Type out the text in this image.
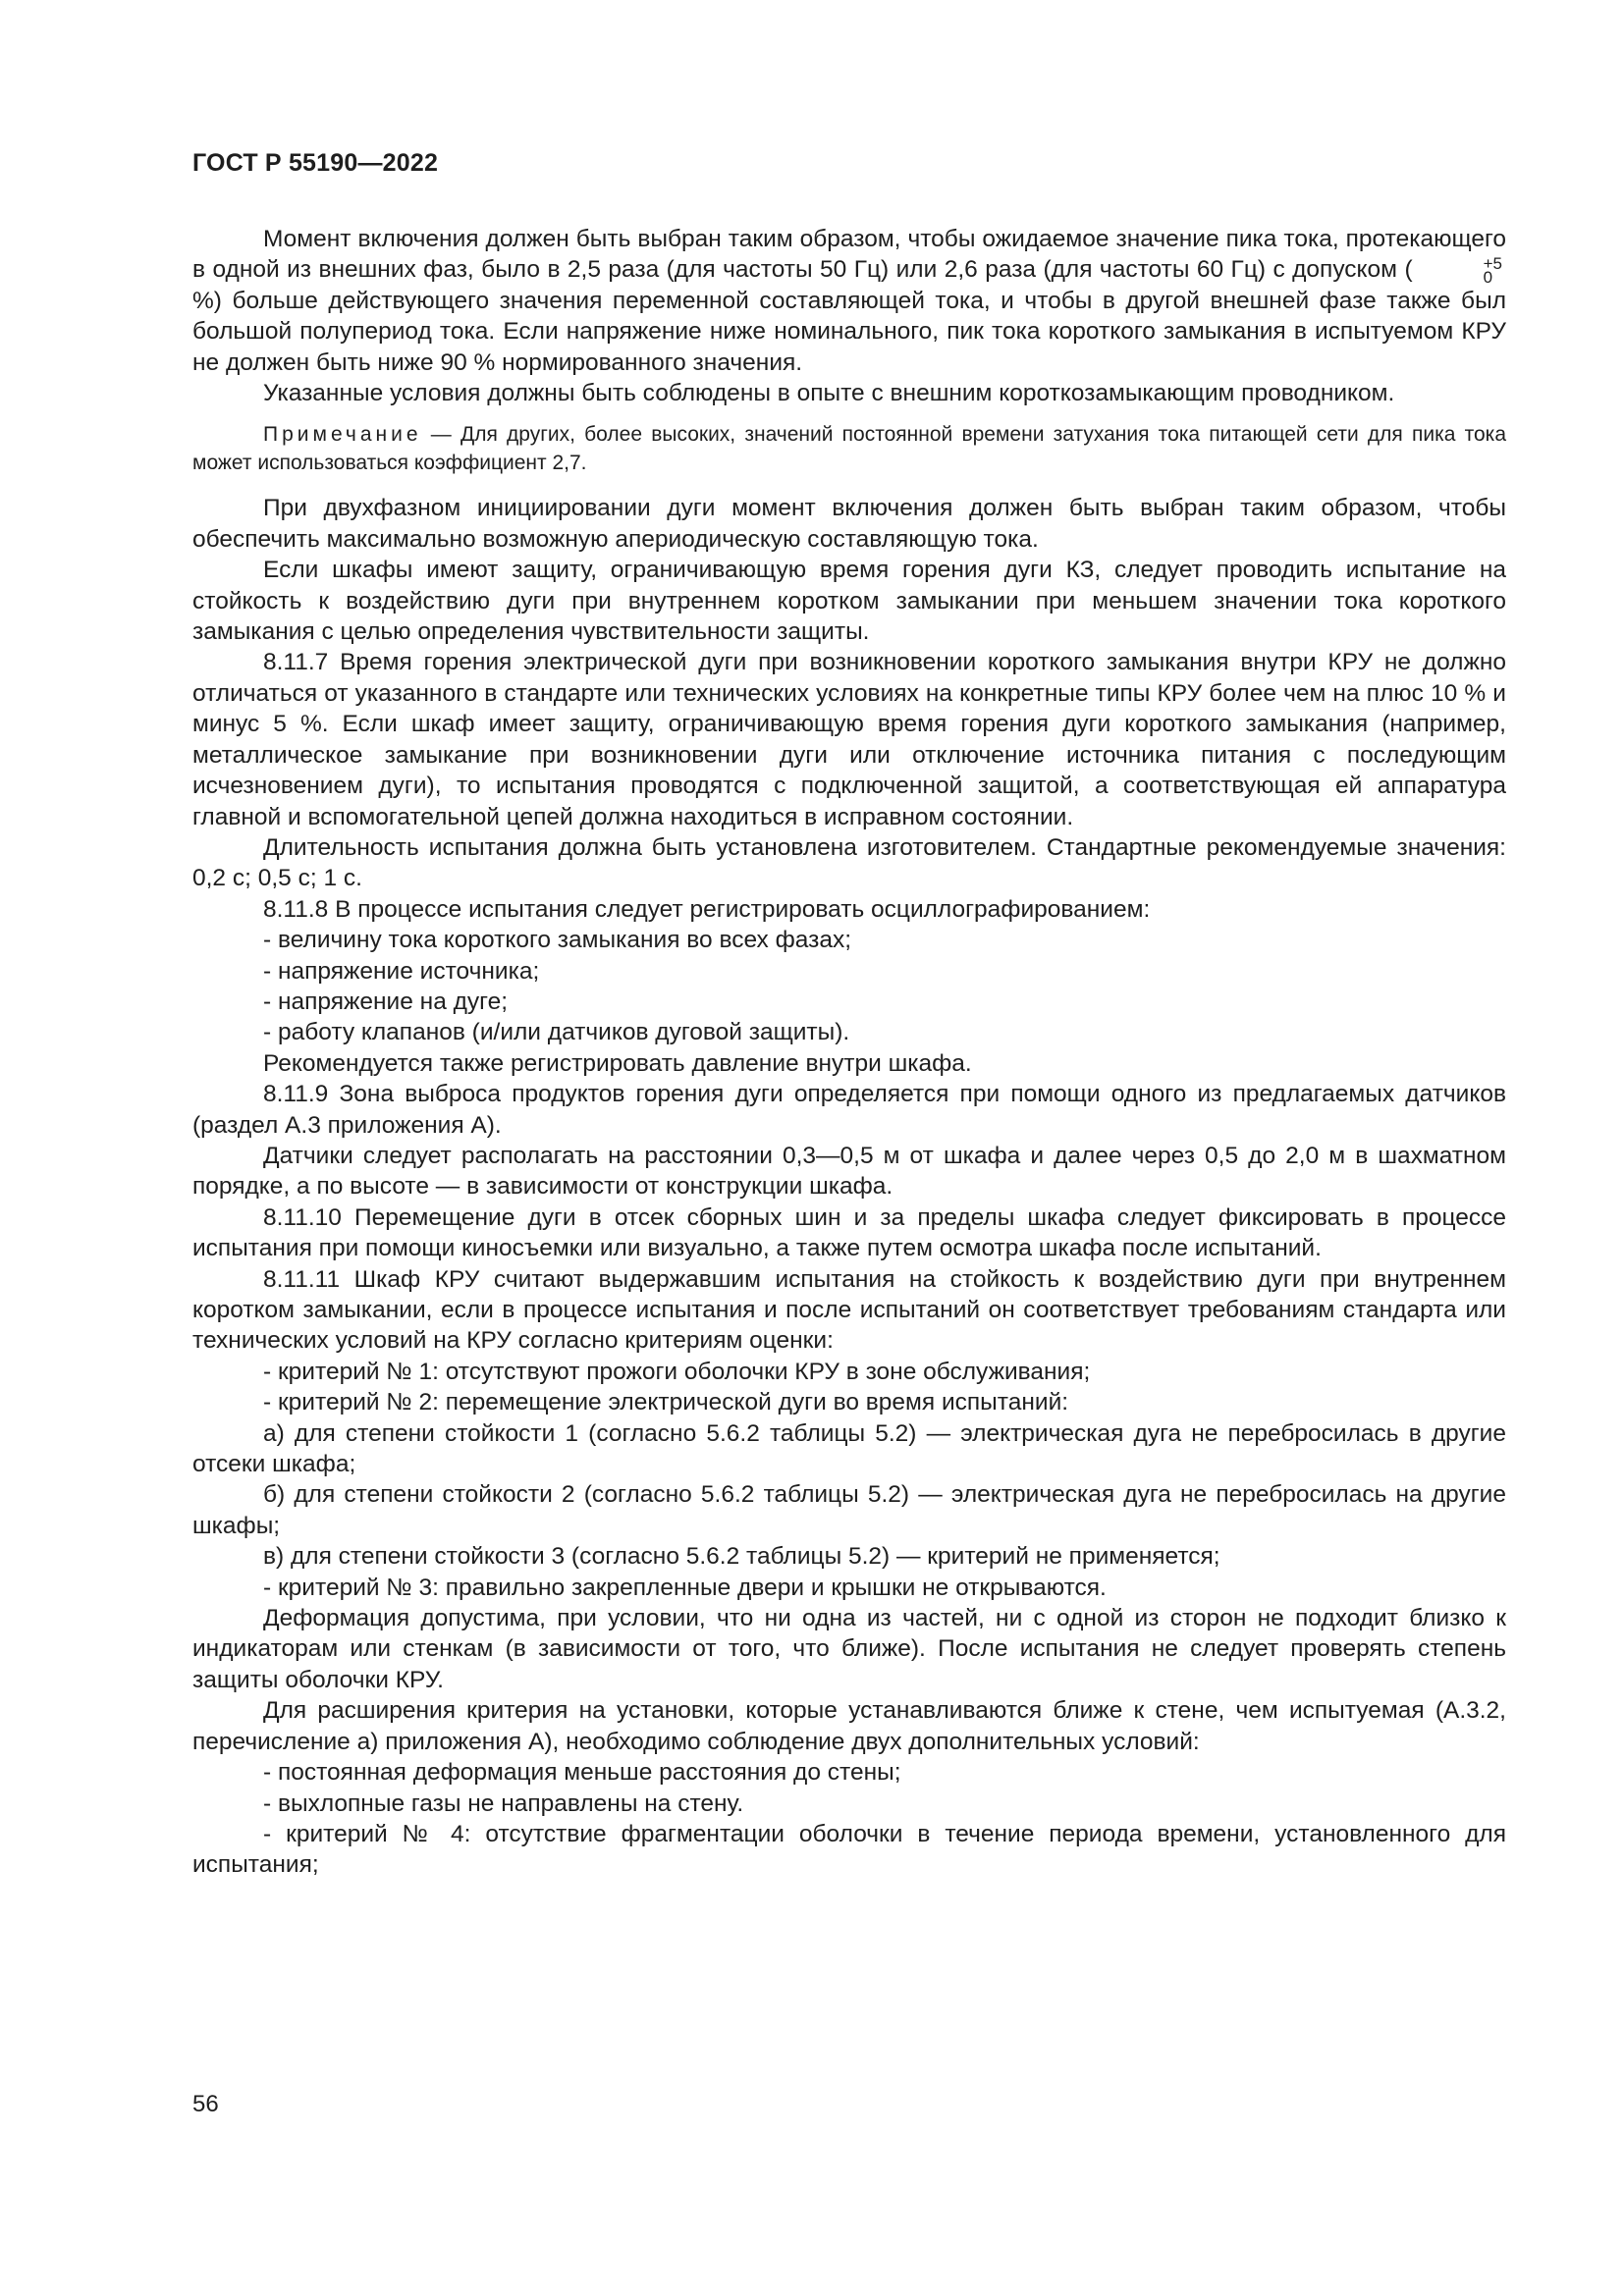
ГОСТ Р 55190—2022

Момент включения должен быть выбран таким образом, чтобы ожидаемое значение пика тока, протекающего в одной из внешних фаз, было в 2,5 раза (для частоты 50 Гц) или 2,6 раза (для частоты 60 Гц) с допуском (	+5
0
%) больше действующего значения переменной составляющей тока, и чтобы в другой внешней фазе также был большой полупериод тока. Если напряжение ниже номинального, пик тока короткого замыкания в испытуемом КРУ не должен быть ниже 90 % нормированного значения.

Указанные условия должны быть соблюдены в опыте с внешним короткозамыкающим проводником.

Примечание — Для других, более высоких, значений постоянной времени затухания тока питающей сети для пика тока может использоваться коэффициент 2,7.

При двухфазном инициировании дуги момент включения должен быть выбран таким образом, чтобы обеспечить максимально возможную апериодическую составляющую тока.

Если шкафы имеют защиту, ограничивающую время горения дуги КЗ, следует проводить испытание на стойкость к воздействию дуги при внутреннем коротком замыкании при меньшем значении тока короткого замыкания с целью определения чувствительности защиты.

8.11.7 Время горения электрической дуги при возникновении короткого замыкания внутри КРУ не должно отличаться от указанного в стандарте или технических условиях на конкретные типы КРУ более чем на плюс 10 % и минус 5 %. Если шкаф имеет защиту, ограничивающую время горения дуги короткого замыкания (например, металлическое замыкание при возникновении дуги или отключение источника питания с последующим исчезновением дуги), то испытания проводятся с подключенной защитой, а соответствующая ей аппаратура главной и вспомогательной цепей должна находиться в исправном состоянии.

Длительность испытания должна быть установлена изготовителем. Стандартные рекомендуемые значения: 0,2 с; 0,5 с; 1 с.

8.11.8 В процессе испытания следует регистрировать осциллографированием:

- величину тока короткого замыкания во всех фазах;

- напряжение источника;

- напряжение на дуге;

- работу клапанов (и/или датчиков дуговой защиты).

Рекомендуется также регистрировать давление внутри шкафа.

8.11.9 Зона выброса продуктов горения дуги определяется при помощи одного из предлагаемых датчиков (раздел А.3 приложения А).

Датчики следует располагать на расстоянии 0,3—0,5 м от шкафа и далее через 0,5 до 2,0 м в шахматном порядке, а по высоте — в зависимости от конструкции шкафа.

8.11.10 Перемещение дуги в отсек сборных шин и за пределы шкафа следует фиксировать в процессе испытания при помощи киносъемки или визуально, а также путем осмотра шкафа после испытаний.

8.11.11 Шкаф КРУ считают выдержавшим испытания на стойкость к воздействию дуги при внутреннем коротком замыкании, если в процессе испытания и после испытаний он соответствует требованиям стандарта или технических условий на КРУ согласно критериям оценки:

- критерий № 1: отсутствуют прожоги оболочки КРУ в зоне обслуживания;

- критерий № 2: перемещение электрической дуги во время испытаний:

а) для степени стойкости 1 (согласно 5.6.2 таблицы 5.2) — электрическая дуга не перебросилась в другие отсеки шкафа;

б) для степени стойкости 2 (согласно 5.6.2 таблицы 5.2) — электрическая дуга не перебросилась на другие шкафы;

в) для степени стойкости 3 (согласно 5.6.2 таблицы 5.2) — критерий не применяется;

- критерий № 3: правильно закрепленные двери и крышки не открываются.

Деформация допустима, при условии, что ни одна из частей, ни с одной из сторон не подходит близко к индикаторам или стенкам (в зависимости от того, что ближе). После испытания не следует проверять степень защиты оболочки КРУ.

Для расширения критерия на установки, которые устанавливаются ближе к стене, чем испытуемая (А.3.2, перечисление а) приложения А), необходимо соблюдение двух дополнительных условий:

- постоянная деформация меньше расстояния до стены;

- выхлопные газы не направлены на стену.

- критерий № 4: отсутствие фрагментации оболочки в течение периода времени, установленного для испытания;

56
